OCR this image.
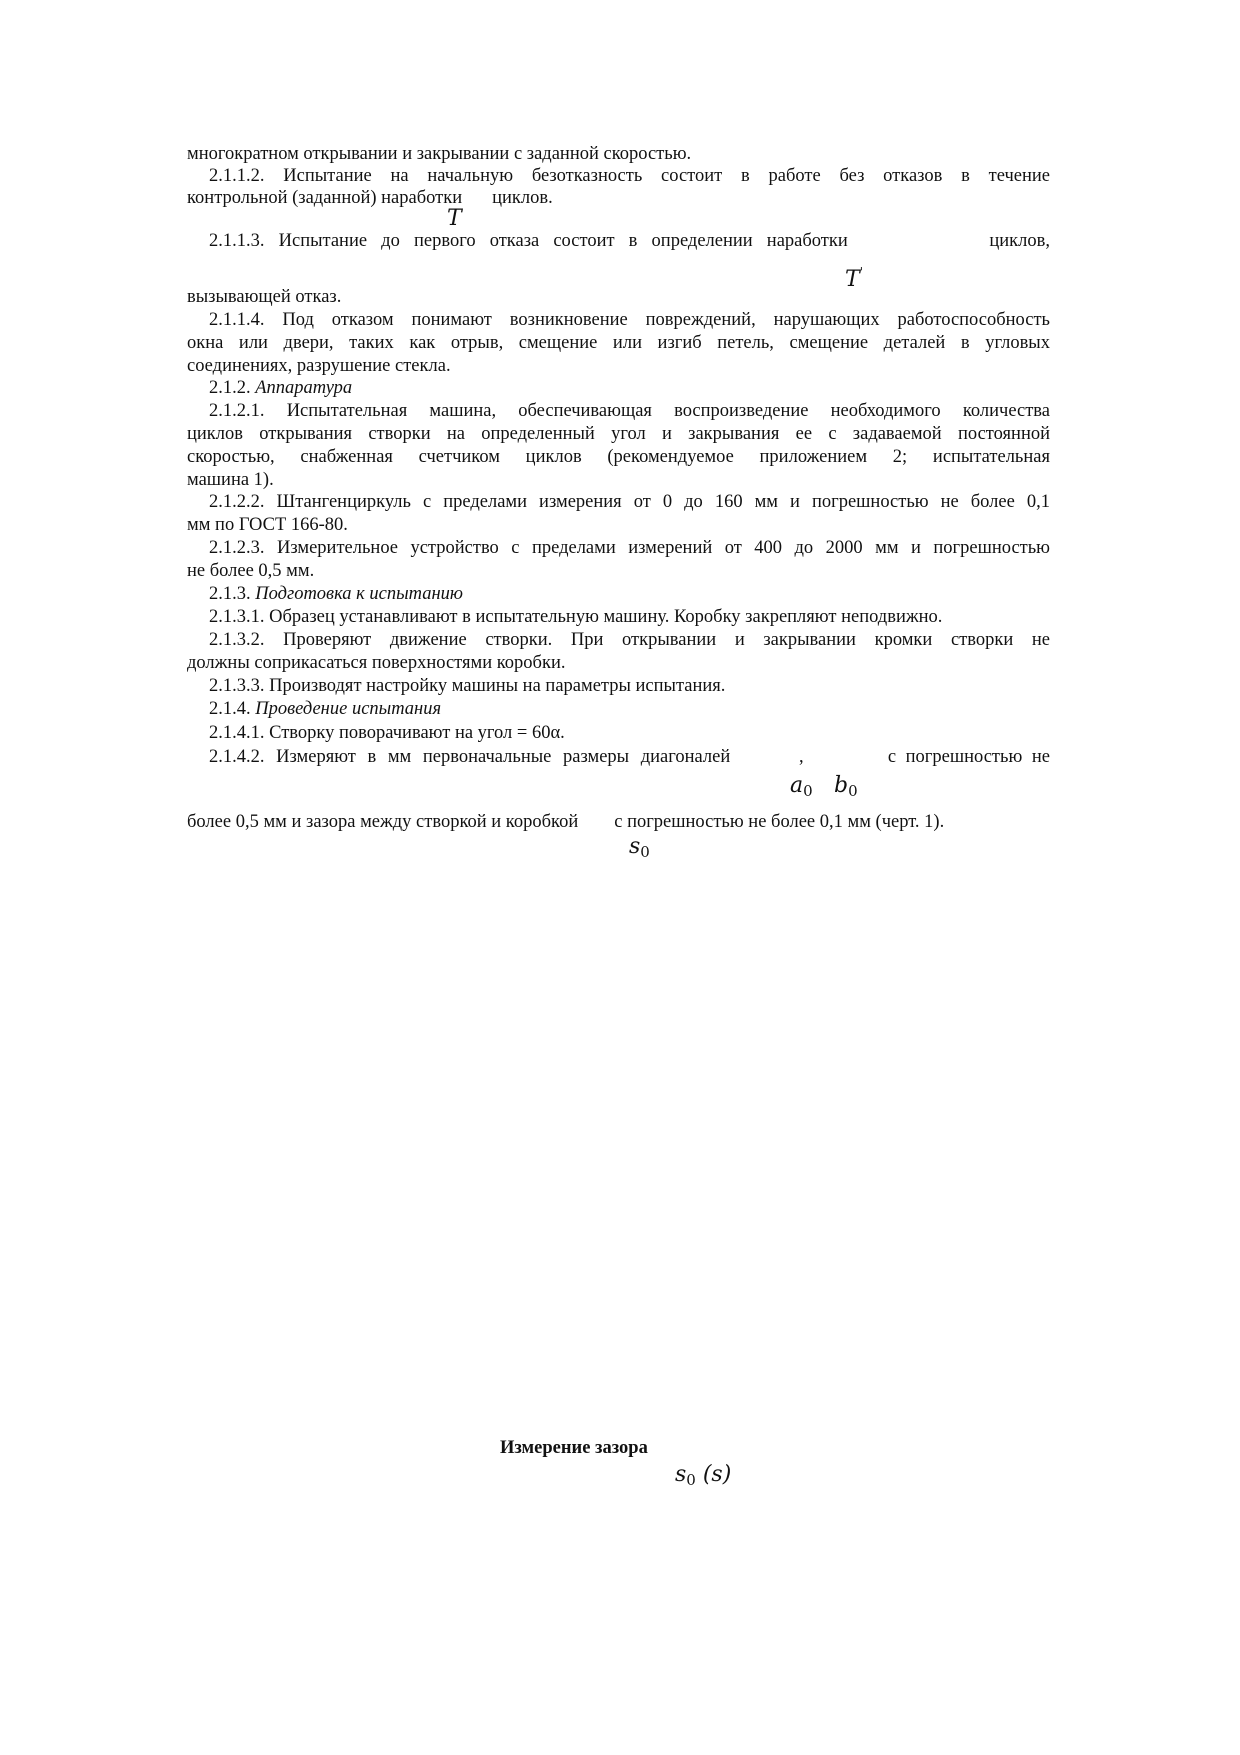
многократном открывании и закрывании с заданной скоростью.
2.1.1.2. Испытание на начальную безотказность состоит в работе без отказов в течение
контрольной (заданной) наработки циклов.
T
2.1.1.3. Испытание до первого отказа состоит в определении наработки	циклов,
T'
вызывающей отказ.
2.1.1.4. Под отказом понимают возникновение повреждений, нарушающих работоспособность
окна или двери, таких как отрыв, смещение или изгиб петель, смещение деталей в угловых
соединениях, разрушение стекла.
2.1.2. Аппаратура
2.1.2.1. Испытательная машина, обеспечивающая воспроизведение необходимого количества
циклов открывания створки на определенный угол и закрывания ее с задаваемой постоянной
скоростью, снабженная счетчиком циклов (рекомендуемое приложением 2; испытательная
машина 1).
2.1.2.2. Штангенциркуль с пределами измерения от 0 до 160 мм и погрешностью не более 0,1
мм по ГОСТ 166-80.
2.1.2.3. Измерительное устройство с пределами измерений от 400 до 2000 мм и погрешностью
не более 0,5 мм.
2.1.3. Подготовка к испытанию
2.1.3.1. Образец устанавливают в испытательную машину. Коробку закрепляют неподвижно.
2.1.3.2. Проверяют движение створки. При открывании и закрывании кромки створки не
должны соприкасаться поверхностями коробки.
2.1.3.3. Производят настройку машины на параметры испытания.
2.1.4. Проведение испытания
2.1.4.1. Створку поворачивают на угол = 60α.
2.1.4.2. Измеряют в мм первоначальные размеры диагоналей	,	с погрешностью не
$a_0$ $b_0$
более 0,5 мм и зазора между створкой и коробкой с погрешностью не более 0,1 мм (черт. 1).
$s_0$
Измерение зазора
$s_0$ (s)
